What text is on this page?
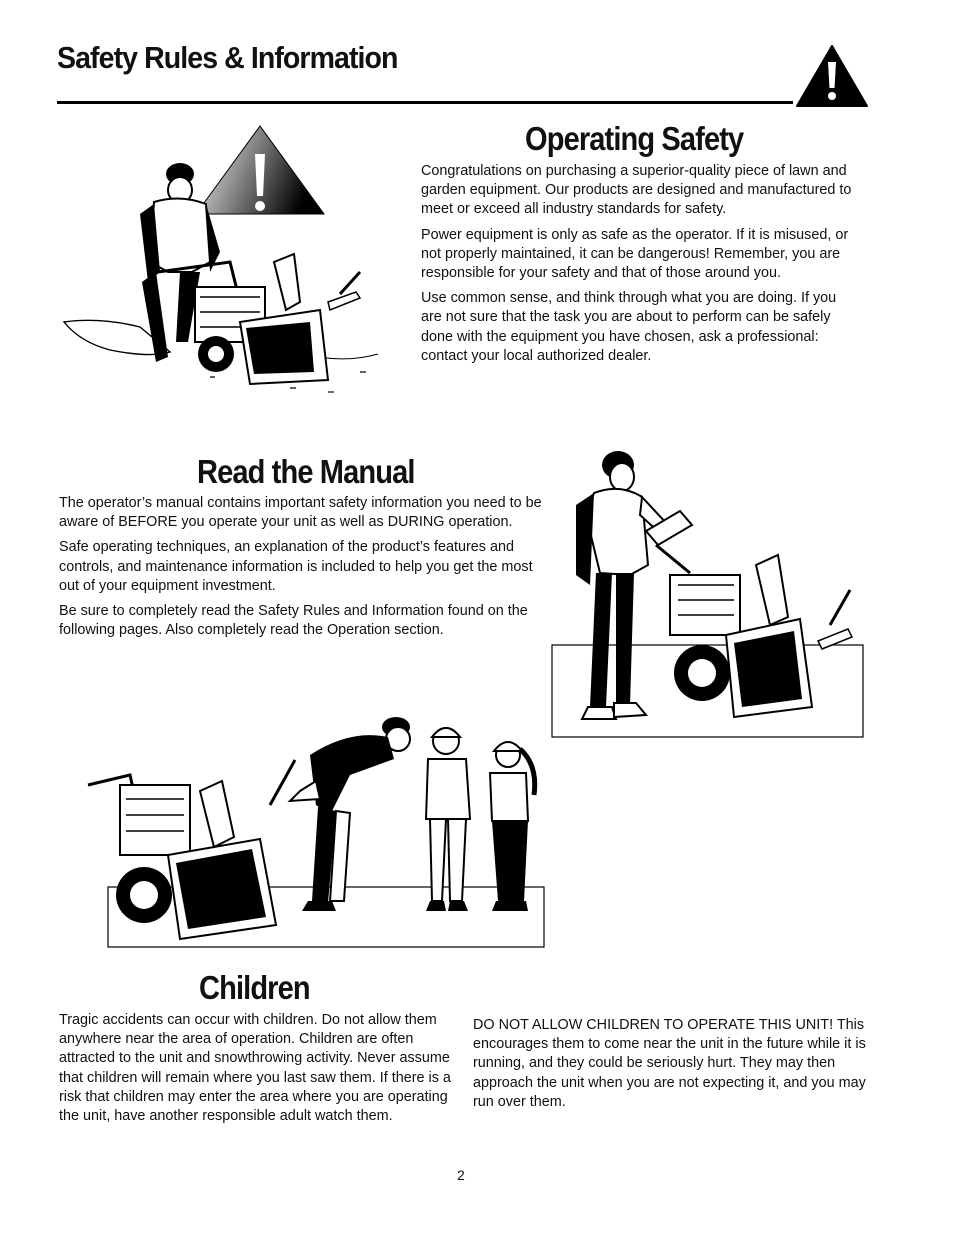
Safety Rules & Information
Operating Safety

Congratulations on purchasing a superior-quality piece of lawn and garden equipment. Our products are designed and manufactured to meet or exceed all industry standards for safety.

Power equipment is only as safe as the operator. If it is misused, or not properly maintained, it can be dangerous! Remember, you are responsible for your safety and that of those around you.

Use common sense, and think through what you are doing. If you are not sure that the task you are about to perform can be safely done with the equipment you have chosen, ask a professional: contact your local authorized dealer.

Read the Manual

The operator’s manual contains important safety information you need to be aware of BEFORE you operate your unit as well as DURING operation.

Safe operating techniques, an explanation of the product’s features and controls, and maintenance information is included to help you get the most out of your equipment investment.

Be sure to completely read the Safety Rules and Information found on the following pages. Also completely read the Operation section.

Children

Tragic accidents can occur with children. Do not allow them anywhere near the area of operation. Children are often attracted to the unit and snowthrowing activity. Never assume that children will remain where you last saw them. If there is a risk that children may enter the area where you are operating the unit, have another responsible adult watch them.

DO NOT ALLOW CHILDREN TO OPERATE THIS UNIT! This encourages them to come near the unit in the future while it is running, and they could be seriously hurt. They may then approach the unit when you are not expecting it, and you may run over them.

2
